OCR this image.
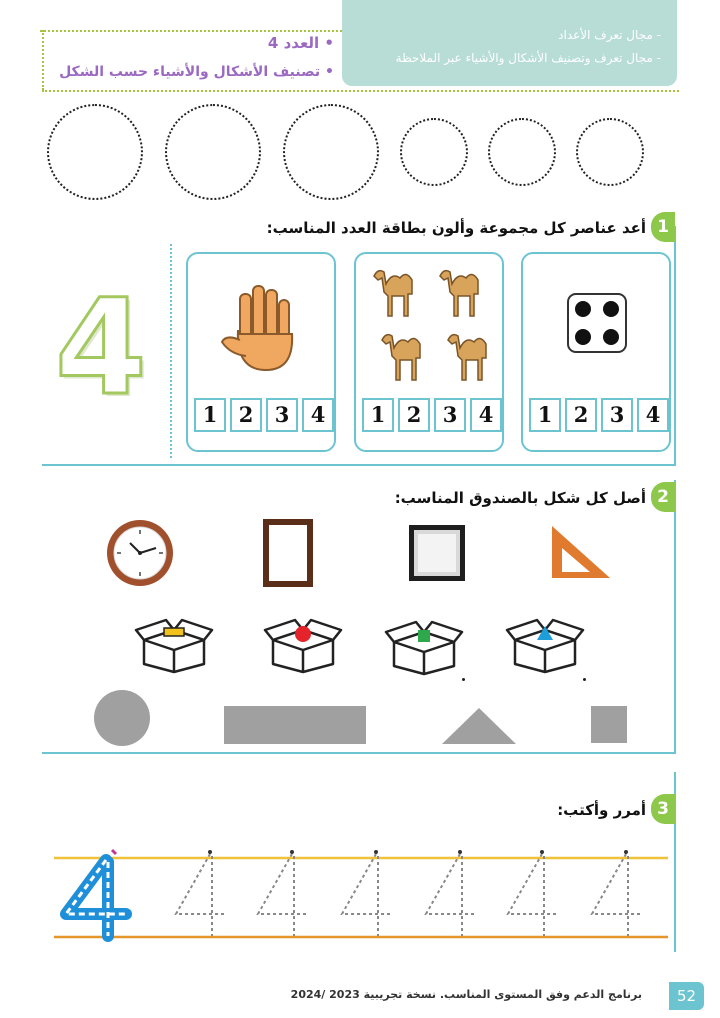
- مجال تعرف الأعداد
- مجال تعرف وتصنيف الأشكال والأشياء عبر الملاحظة
• العدد 4
• تصنيف الأشكال والأشياء حسب الشكل
1
أعد عناصر كل مجموعة وألون بطاقة العدد المناسب:
4	1	2	3	4	1	2	3	4	1	2	3	4
2
أصل كل شكل بالصندوق المناسب:
3
أمرر وأكتب:
برنامج الدعم وفق المستوى المناسب. نسخة تجريبية 2023 /2024	52
